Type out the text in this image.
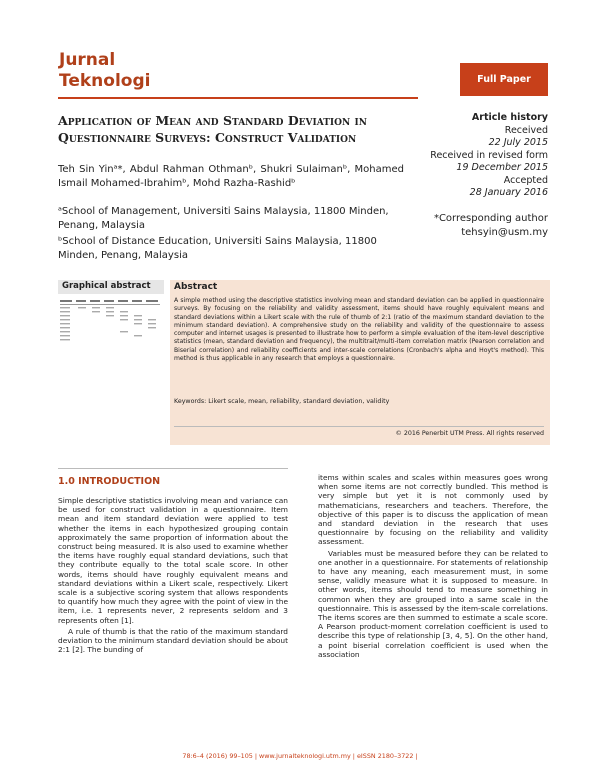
Jurnal
Teknologi	Full Paper
Application of Mean and Standard Deviation in Questionnaire Surveys: Construct Validation
Teh Sin Yinᵃ*, Abdul Rahman Othmanᵇ, Shukri Sulaimanᵇ, Mohamed Ismail Mohamed-Ibrahimᵇ, Mohd Razha-Rashidᵇ

ᵃSchool of Management, Universiti Sains Malaysia, 11800 Minden, Penang, Malaysia

ᵇSchool of Distance Education, Universiti Sains Malaysia, 11800 Minden, Penang, Malaysia

Article history
Received
22 July 2015
Received in revised form
19 December 2015
Accepted
28 January 2016
*Corresponding author
tehsyin@usm.my
Graphical abstract	Abstract
A simple method using the descriptive statistics involving mean and standard deviation can be applied in questionnaire surveys. By focusing on the reliability and validity assessment, items should have roughly equivalent means and standard deviations within a Likert scale with the rule of thumb of 2:1 (ratio of the maximum standard deviation to the minimum standard deviation). A comprehensive study on the reliability and validity of the questionnaire to assess computer and internet usages is presented to illustrate how to perform a simple evaluation of the item-level descriptive statistics (mean, standard deviation and frequency), the multitrait/multi-item correlation matrix (Pearson correlation and Biserial correlation) and reliability coefficients and inter-scale correlations (Cronbach's alpha and Hoyt's method). This method is thus applicable in any research that employs a questionnaire.
Keywords: Likert scale, mean, reliability, standard deviation, validity
© 2016 Penerbit UTM Press. All rights reserved
1.0 INTRODUCTION

Simple descriptive statistics involving mean and variance can be used for construct validation in a questionnaire. Item mean and item standard deviation were applied to test whether the items in each hypothesized grouping contain approximately the same proportion of information about the construct being measured. It is also used to examine whether the items have roughly equal standard deviations, such that they contribute equally to the total scale score. In other words, items should have roughly equivalent means and standard deviations within a Likert scale, respectively. Likert scale is a subjective scoring system that allows respondents to quantify how much they agree with the point of view in the item, i.e. 1 represents never, 2 represents seldom and 3 represents often [1].

A rule of thumb is that the ratio of the maximum standard deviation to the minimum standard deviation should be about 2:1 [2]. The bunding of

items within scales and scales within measures goes wrong when some items are not correctly bundled. This method is very simple but yet it is not commonly used by mathematicians, researchers and teachers. Therefore, the objective of this paper is to discuss the application of mean and standard deviation in the research that uses questionnaire by focusing on the reliability and validity assessment.

Variables must be measured before they can be related to one another in a questionnaire. For statements of relationship to have any meaning, each measurement must, in some sense, validly measure what it is supposed to measure. In other words, items should tend to measure something in common when they are grouped into a same scale in the questionnaire. This is assessed by the item-scale correlations. The items scores are then summed to estimate a scale score. A Pearson product-moment correlation coefficient is used to describe this type of relationship [3, 4, 5]. On the other hand, a point biserial correlation coefficient is used when the association

78:6–4 (2016) 99–105 | www.jurnalteknologi.utm.my | eISSN 2180–3722 |
